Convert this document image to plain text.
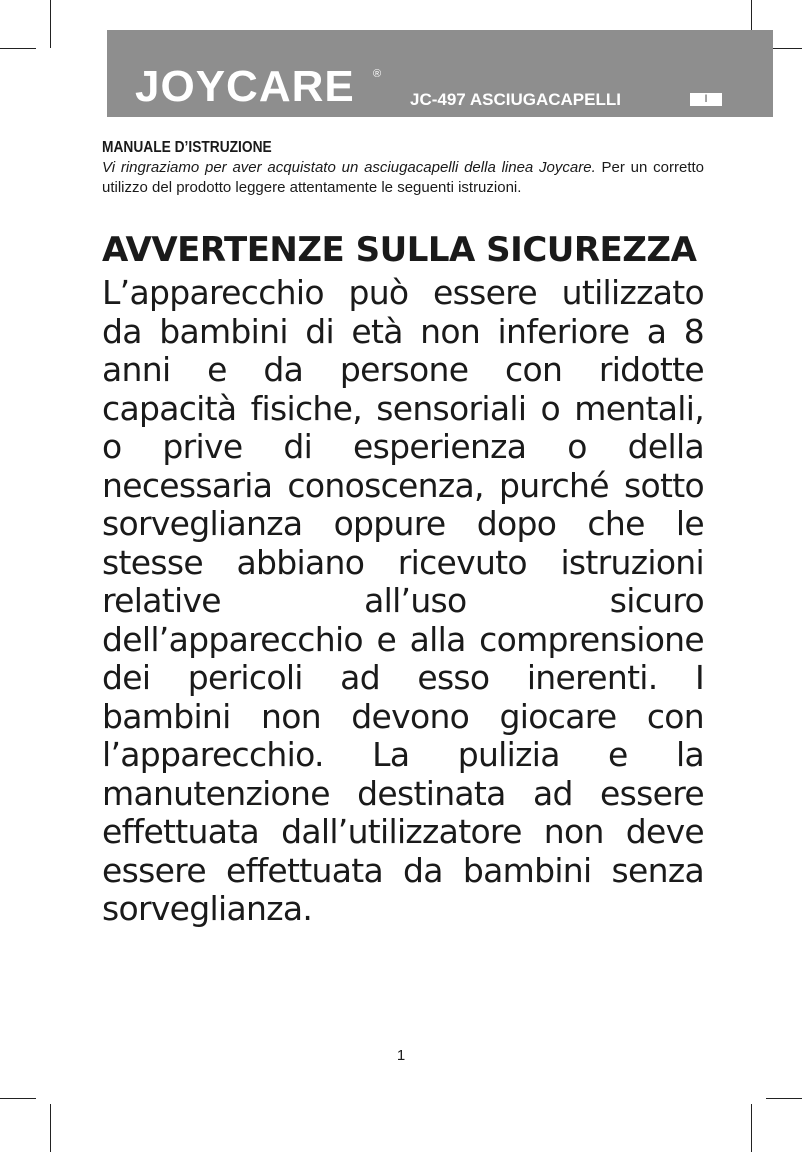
JOYCARE ®
JC-497 ASCIUGACAPELLI	I
MANUALE D’ISTRUZIONE

Vi ringraziamo per aver acquistato un asciugacapelli della linea Joycare. Per un corretto utilizzo del prodotto leggere attentamente le seguenti istruzioni.

AVVERTENZE SULLA SICUREZZA

L’apparecchio può essere utilizzato da bambini di età non inferiore a 8 anni e da persone con ridotte capacità fisiche, sensoriali o mentali, o prive di esperienza o della necessaria conoscenza, purché sotto sorveglianza oppure dopo che le stesse abbiano ricevuto istruzioni relative all’uso sicuro dell’apparecchio e alla comprensione dei pericoli ad esso inerenti. I bambini non devono giocare con l’apparecchio. La pulizia e la manutenzione destinata ad essere effettuata dall’utilizzatore non deve essere effettuata da bambini senza sorveglianza.

1
